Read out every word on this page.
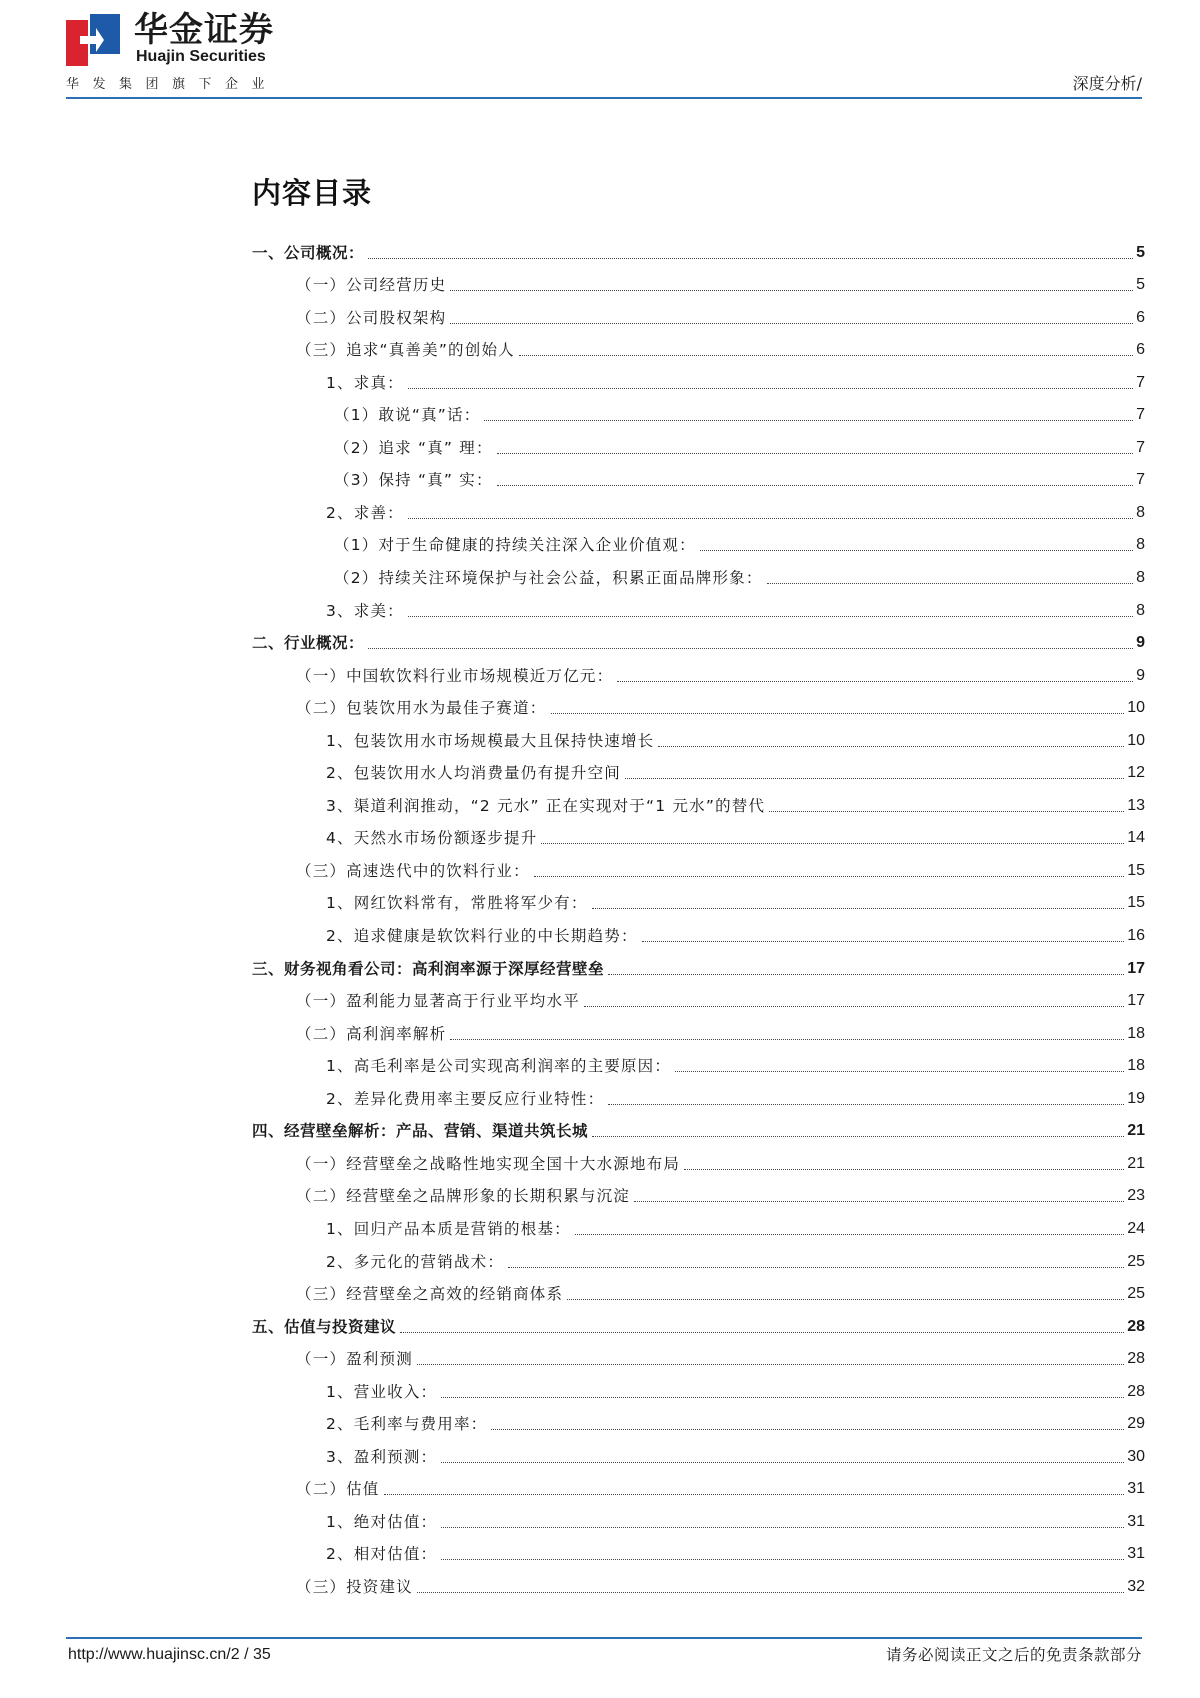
华金证券
Huajin Securities
华发集团旗下企业	深度分析/
内容目录
一、公司概况：	5
（一）公司经营历史	5
（二）公司股权架构	6
（三）追求“真善美”的创始人	6
1、求真：	7
（1）敢说“真”话：	7
（2）追求 “真” 理：	7
（3）保持 “真” 实：	7
2、求善：	8
（1）对于生命健康的持续关注深入企业价值观：	8
（2）持续关注环境保护与社会公益，积累正面品牌形象：	8
3、求美：	8
二、行业概况：	9
（一）中国软饮料行业市场规模近万亿元：	9
（二）包装饮用水为最佳子赛道：	10
1、包装饮用水市场规模最大且保持快速增长	10
2、包装饮用水人均消费量仍有提升空间	12
3、渠道利润推动，“2 元水” 正在实现对于“1 元水”的替代	13
4、天然水市场份额逐步提升	14
（三）高速迭代中的饮料行业：	15
1、网红饮料常有，常胜将军少有：	15
2、追求健康是软饮料行业的中长期趋势：	16
三、财务视角看公司：高利润率源于深厚经营壁垒	17
（一）盈利能力显著高于行业平均水平	17
（二）高利润率解析	18
1、高毛利率是公司实现高利润率的主要原因：	18
2、差异化费用率主要反应行业特性：	19
四、经营壁垒解析：产品、营销、渠道共筑长城	21
（一）经营壁垒之战略性地实现全国十大水源地布局	21
（二）经营壁垒之品牌形象的长期积累与沉淀	23
1、回归产品本质是营销的根基：	24
2、多元化的营销战术：	25
（三）经营壁垒之高效的经销商体系	25
五、估值与投资建议	28
（一）盈利预测	28
1、营业收入：	28
2、毛利率与费用率：	29
3、盈利预测：	30
（二）估值	31
1、绝对估值：	31
2、相对估值：	31
（三）投资建议	32
http://www.huajinsc.cn/2 / 35	请务必阅读正文之后的免责条款部分
